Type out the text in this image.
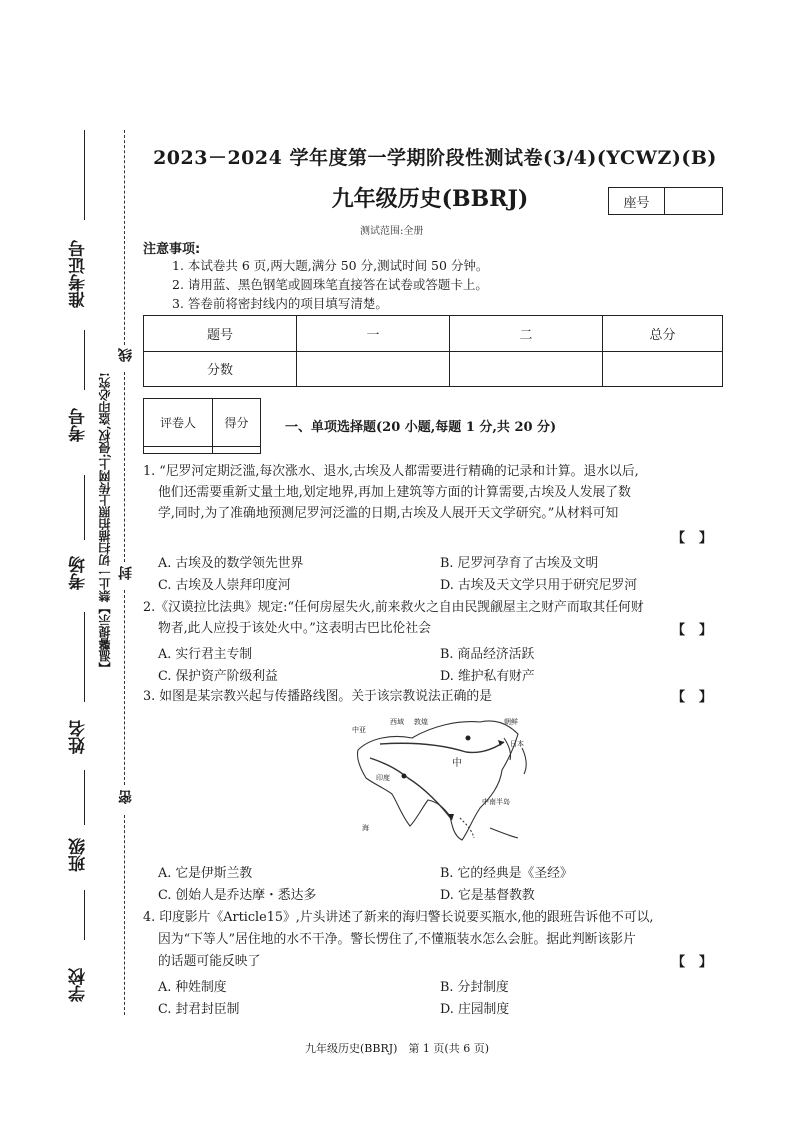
准考证号
考号
考场
姓名
班级
学校
【温馨提示】禁止一切扫描拍照上传网上;侵权,盗印必究!
线
封
密
2023－2024 学年度第一学期阶段性测试卷(3/4)(YCWZ)(B)
九年级历史(BBRJ)	座号
测试范围:全册
注意事项:
1. 本试卷共 6 页,两大题,满分 50 分,测试时间 50 分钟。
2. 请用蓝、黑色钢笔或圆珠笔直接答在试卷或答题卡上。
3. 答卷前将密封线内的项目填写清楚。
题号	一	二	总分
分数			
评卷人	得分
		一、单项选择题(20 小题,每题 1 分,共 20 分)
1. “尼罗河定期泛滥,每次涨水、退水,古埃及人都需要进行精确的记录和计算。退水以后,
他们还需要重新丈量土地,划定地界,再加上建筑等方面的计算需要,古埃及人发展了数
学,同时,为了准确地预测尼罗河泛滥的日期,古埃及人展开天文学研究。”从材料可知
【】
A. 古埃及的数学领先世界	B. 尼罗河孕育了古埃及文明
C. 古埃及人崇拜印度河	D. 古埃及天文学只用于研究尼罗河
2.《汉谟拉比法典》规定:“任何房屋失火,前来救火之自由民觊觎屋主之财产而取其任何财
物者,此人应投于该处火中。”这表明古巴比伦社会	【】
A. 实行君主专制	B. 商品经济活跃
C. 保护资产阶级利益	D. 维护私有财产
3. 如图是某宗教兴起与传播路线图。关于该宗教说法正确的是	【】
朝鲜
日本
中
中亚
西域 敦煌
印度
中南半岛
海
A. 它是伊斯兰教	B. 它的经典是《圣经》
C. 创始人是乔达摩・悉达多	D. 它是基督教教
4. 印度影片《Article15》,片头讲述了新来的海归警长说要买瓶水,他的跟班告诉他不可以,
因为“下等人”居住地的水不干净。警长愣住了,不懂瓶装水怎么会脏。据此判断该影片
的话题可能反映了	【】
A. 种姓制度	B. 分封制度
C. 封君封臣制	D. 庄园制度
九年级历史(BBRJ)　第 1 页(共 6 页)
